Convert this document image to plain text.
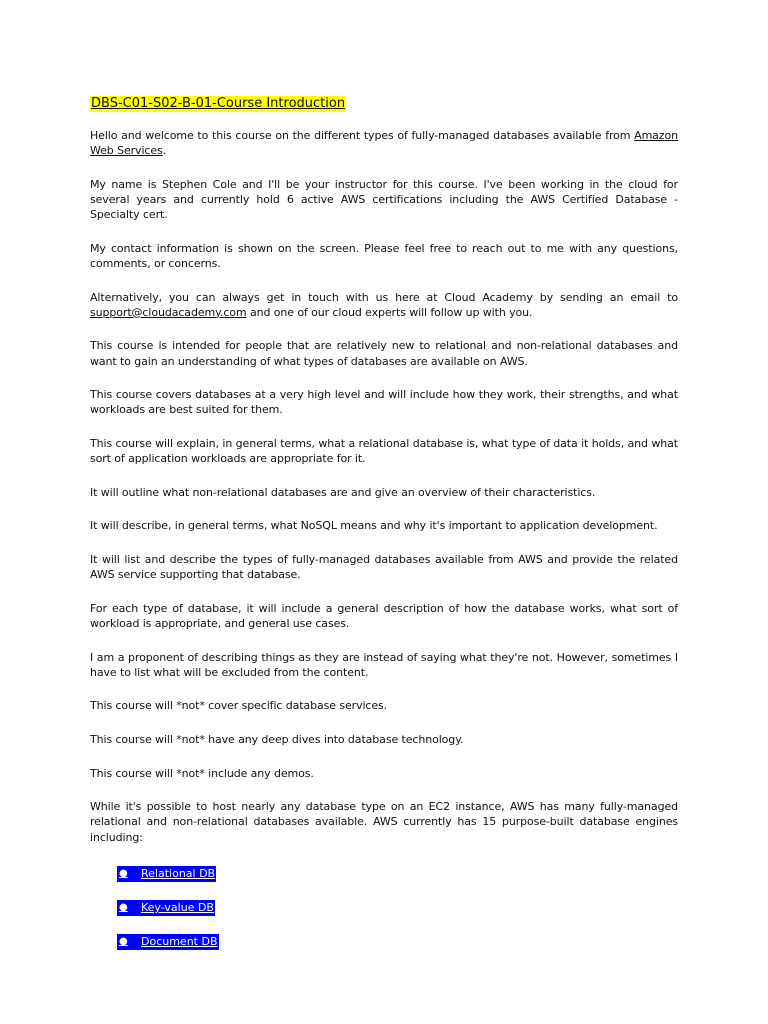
DBS-C01-S02-B-01-Course Introduction

Hello and welcome to this course on the different types of fully-managed databases available from Amazon Web Services.

My name is Stephen Cole and I'll be your instructor for this course. I've been working in the cloud for several years and currently hold 6 active AWS certifications including the AWS Certified Database - Specialty cert.

My contact information is shown on the screen. Please feel free to reach out to me with any questions, comments, or concerns.

Alternatively, you can always get in touch with us here at Cloud Academy by sending an email to support@cloudacademy.com and one of our cloud experts will follow up with you.

This course is intended for people that are relatively new to relational and non-relational databases and want to gain an understanding of what types of databases are available on AWS.

This course covers databases at a very high level and will include how they work, their strengths, and what workloads are best suited for them.

This course will explain, in general terms, what a relational database is, what type of data it holds, and what sort of application workloads are appropriate for it.

It will outline what non-relational databases are and give an overview of their characteristics.

It will describe, in general terms, what NoSQL means and why it's important to application development.

It will list and describe the types of fully-managed databases available from AWS and provide the related AWS service supporting that database.

For each type of database, it will include a general description of how the database works, what sort of workload is appropriate, and general use cases.

I am a proponent of describing things as they are instead of saying what they're not. However, sometimes I have to list what will be excluded from the content.

This course will *not* cover specific database services.

This course will *not* have any deep dives into database technology.

This course will *not* include any demos.

While it's possible to host nearly any database type on an EC2 instance, AWS has many fully-managed relational and non-relational databases available. AWS currently has 15 purpose-built database engines including:

●	Relational DB
●	Key-value DB
●	Document DB
